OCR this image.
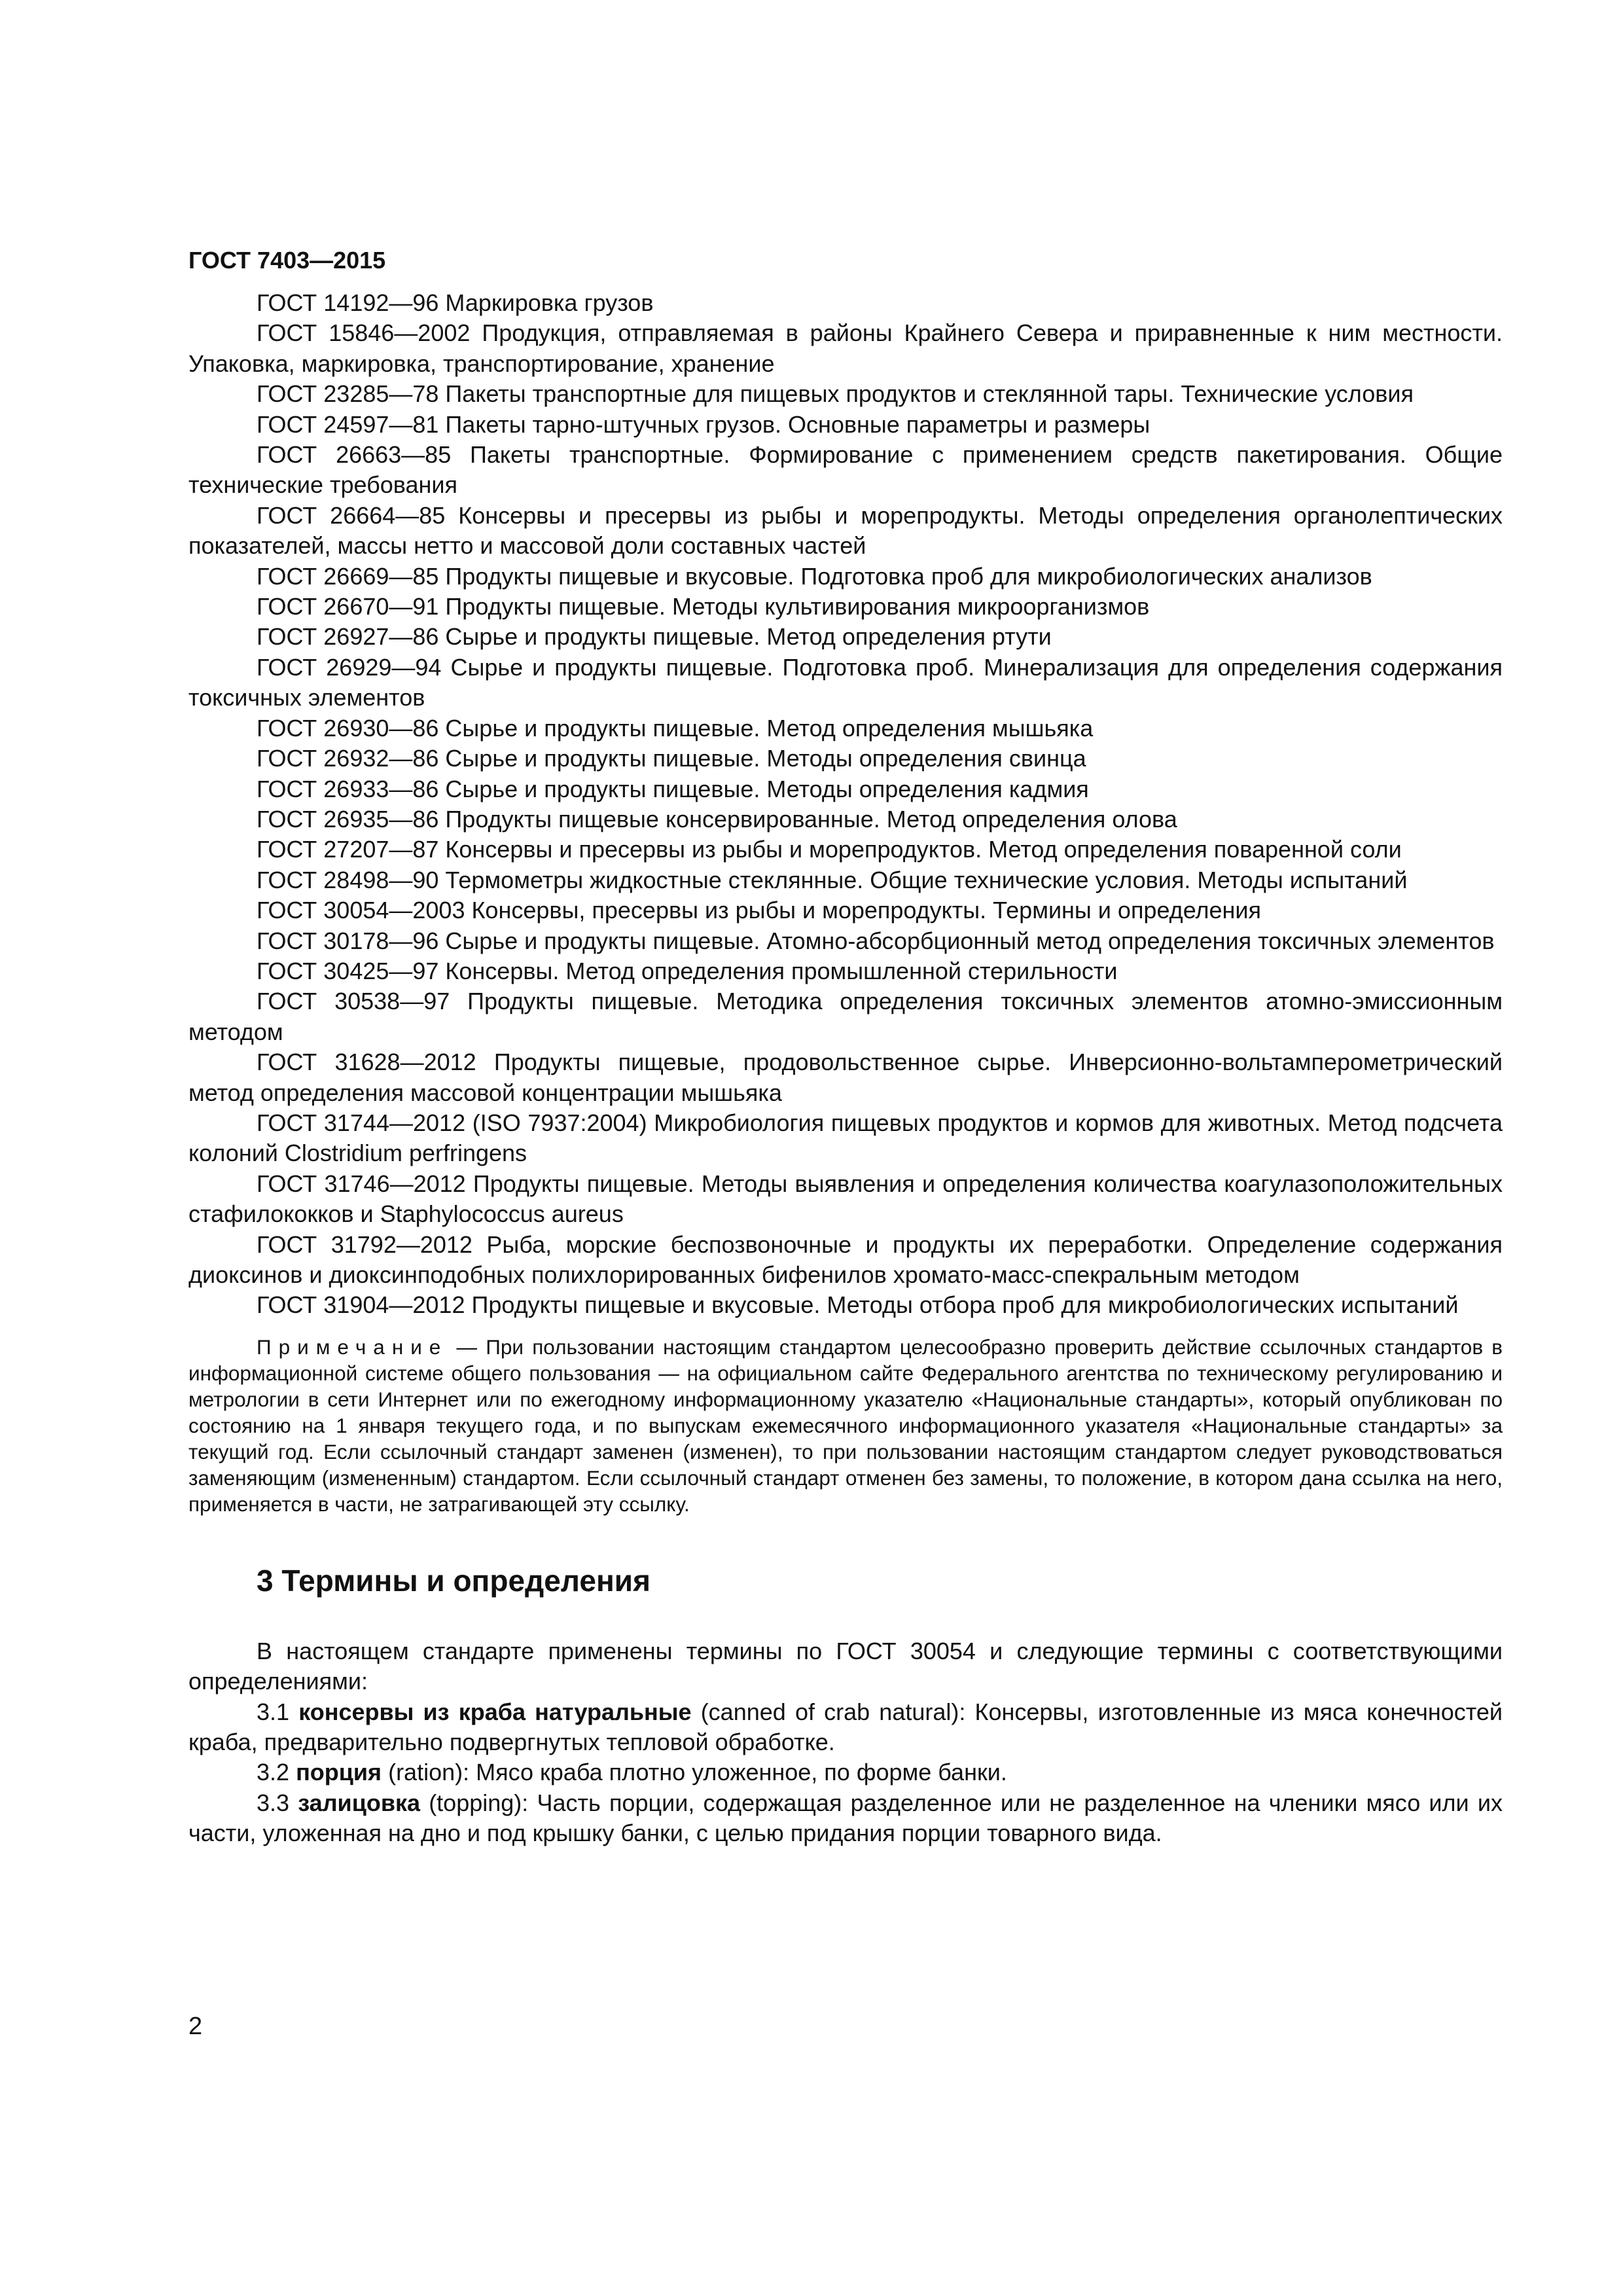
ГОСТ 7403—2015

ГОСТ 14192—96 Маркировка грузов

ГОСТ 15846—2002 Продукция, отправляемая в районы Крайнего Севера и приравненные к ним местности. Упаковка, маркировка, транспортирование, хранение

ГОСТ 23285—78 Пакеты транспортные для пищевых продуктов и стеклянной тары. Технические условия

ГОСТ 24597—81 Пакеты тарно-штучных грузов. Основные параметры и размеры

ГОСТ 26663—85 Пакеты транспортные. Формирование с применением средств пакетирования. Общие технические требования

ГОСТ 26664—85 Консервы и пресервы из рыбы и морепродукты. Методы определения органолептических показателей, массы нетто и массовой доли составных частей

ГОСТ 26669—85 Продукты пищевые и вкусовые. Подготовка проб для микробиологических анализов

ГОСТ 26670—91 Продукты пищевые. Методы культивирования микроорганизмов

ГОСТ 26927—86 Сырье и продукты пищевые. Метод определения ртути

ГОСТ 26929—94 Сырье и продукты пищевые. Подготовка проб. Минерализация для определения содержания токсичных элементов

ГОСТ 26930—86 Сырье и продукты пищевые. Метод определения мышьяка

ГОСТ 26932—86 Сырье и продукты пищевые. Методы определения свинца

ГОСТ 26933—86 Сырье и продукты пищевые. Методы определения кадмия

ГОСТ 26935—86 Продукты пищевые консервированные. Метод определения олова

ГОСТ 27207—87 Консервы и пресервы из рыбы и морепродуктов. Метод определения поваренной соли

ГОСТ 28498—90 Термометры жидкостные стеклянные. Общие технические условия. Методы испытаний

ГОСТ 30054—2003 Консервы, пресервы из рыбы и морепродукты. Термины и определения

ГОСТ 30178—96 Сырье и продукты пищевые. Атомно-абсорбционный метод определения токсичных элементов

ГОСТ 30425—97 Консервы. Метод определения промышленной стерильности

ГОСТ 30538—97 Продукты пищевые. Методика определения токсичных элементов атомно-эмиссионным методом

ГОСТ 31628—2012 Продукты пищевые, продовольственное сырье. Инверсионно-вольтамперометрический метод определения массовой концентрации мышьяка

ГОСТ 31744—2012 (ISO 7937:2004) Микробиология пищевых продуктов и кормов для животных. Метод подсчета колоний Clostridium perfringens

ГОСТ 31746—2012 Продукты пищевые. Методы выявления и определения количества коагулазоположительных стафилококков и Staphylococcus aureus

ГОСТ 31792—2012 Рыба, морские беспозвоночные и продукты их переработки. Определение содержания диоксинов и диоксинподобных полихлорированных бифенилов хромато-масс-спекральным методом

ГОСТ 31904—2012 Продукты пищевые и вкусовые. Методы отбора проб для микробиологических испытаний

Примечание — При пользовании настоящим стандартом целесообразно проверить действие ссылочных стандартов в информационной системе общего пользования — на официальном сайте Федерального агентства по техническому регулированию и метрологии в сети Интернет или по ежегодному информационному указателю «Национальные стандарты», который опубликован по состоянию на 1 января текущего года, и по выпускам ежемесячного информационного указателя «Национальные стандарты» за текущий год. Если ссылочный стандарт заменен (изменен), то при пользовании настоящим стандартом следует руководствоваться заменяющим (измененным) стандартом. Если ссылочный стандарт отменен без замены, то положение, в котором дана ссылка на него, применяется в части, не затрагивающей эту ссылку.

3 Термины и определения

В настоящем стандарте применены термины по ГОСТ 30054 и следующие термины с соответствующими определениями:

3.1 консервы из краба натуральные (canned of crab natural): Консервы, изготовленные из мяса конечностей краба, предварительно подвергнутых тепловой обработке.

3.2 порция (ration): Мясо краба плотно уложенное, по форме банки.

3.3 залицовка (topping): Часть порции, содержащая разделенное или не разделенное на членики мясо или их части, уложенная на дно и под крышку банки, с целью придания порции товарного вида.

2
